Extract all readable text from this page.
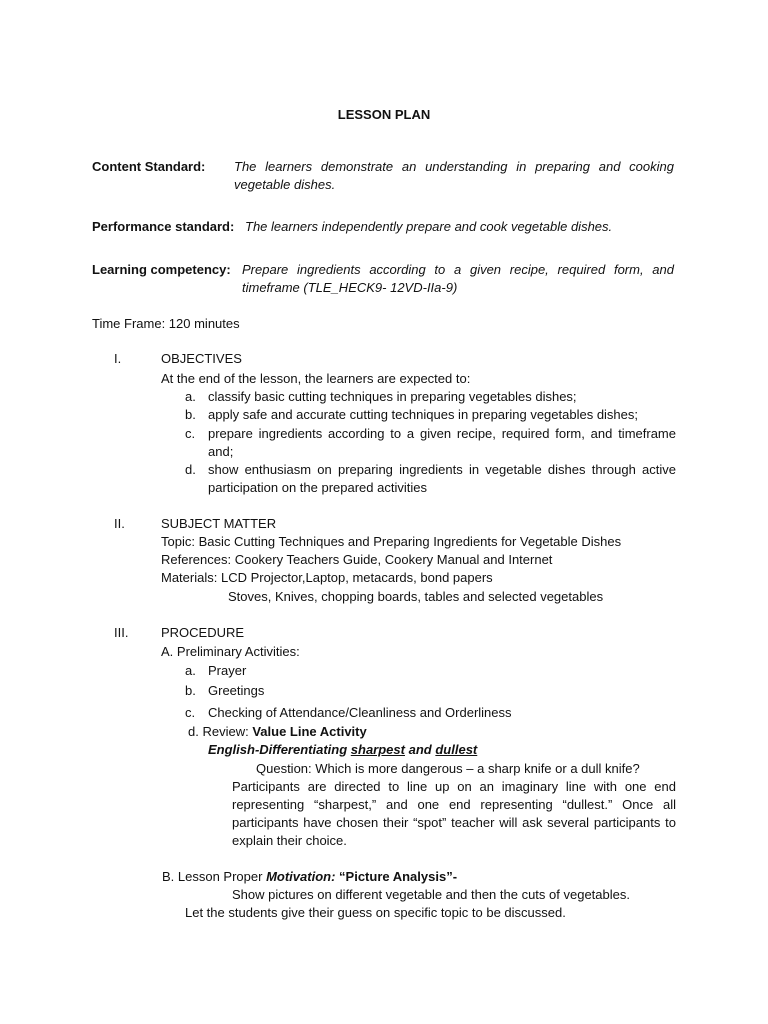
LESSON PLAN
Content Standard: The learners demonstrate an understanding in preparing and cooking vegetable dishes.
Performance standard: The learners independently prepare and cook vegetable dishes.
Learning competency: Prepare ingredients according to a given recipe, required form, and timeframe (TLE_HECK9- 12VD-IIa-9)
Time Frame: 120 minutes
I.	OBJECTIVES
At the end of the lesson, the learners are expected to:
a. classify basic cutting techniques in preparing vegetables dishes;
b. apply safe and accurate cutting techniques in preparing vegetables dishes;
c. prepare ingredients according to a given recipe, required form, and timeframe and;
d. show enthusiasm on preparing ingredients in vegetable dishes through active participation on the prepared activities
II.	SUBJECT MATTER
Topic: Basic Cutting Techniques and Preparing Ingredients for Vegetable Dishes
References: Cookery Teachers Guide, Cookery Manual and Internet
Materials: LCD Projector,Laptop, metacards, bond papers
Stoves, Knives, chopping boards, tables and selected vegetables
III.	PROCEDURE
A. Preliminary Activities:
a. Prayer
b. Greetings
c. Checking of Attendance/Cleanliness and Orderliness
d. Review: Value Line Activity
English-Differentiating sharpest and dullest
Question: Which is more dangerous – a sharp knife or a dull knife?
Participants are directed to line up on an imaginary line with one end representing “sharpest,” and one end representing “dullest.” Once all participants have chosen their “spot” teacher will ask several participants to explain their choice.
B. Lesson Proper Motivation: “Picture Analysis”-
Show pictures on different vegetable and then the cuts of vegetables.
Let the students give their guess on specific topic to be discussed.
